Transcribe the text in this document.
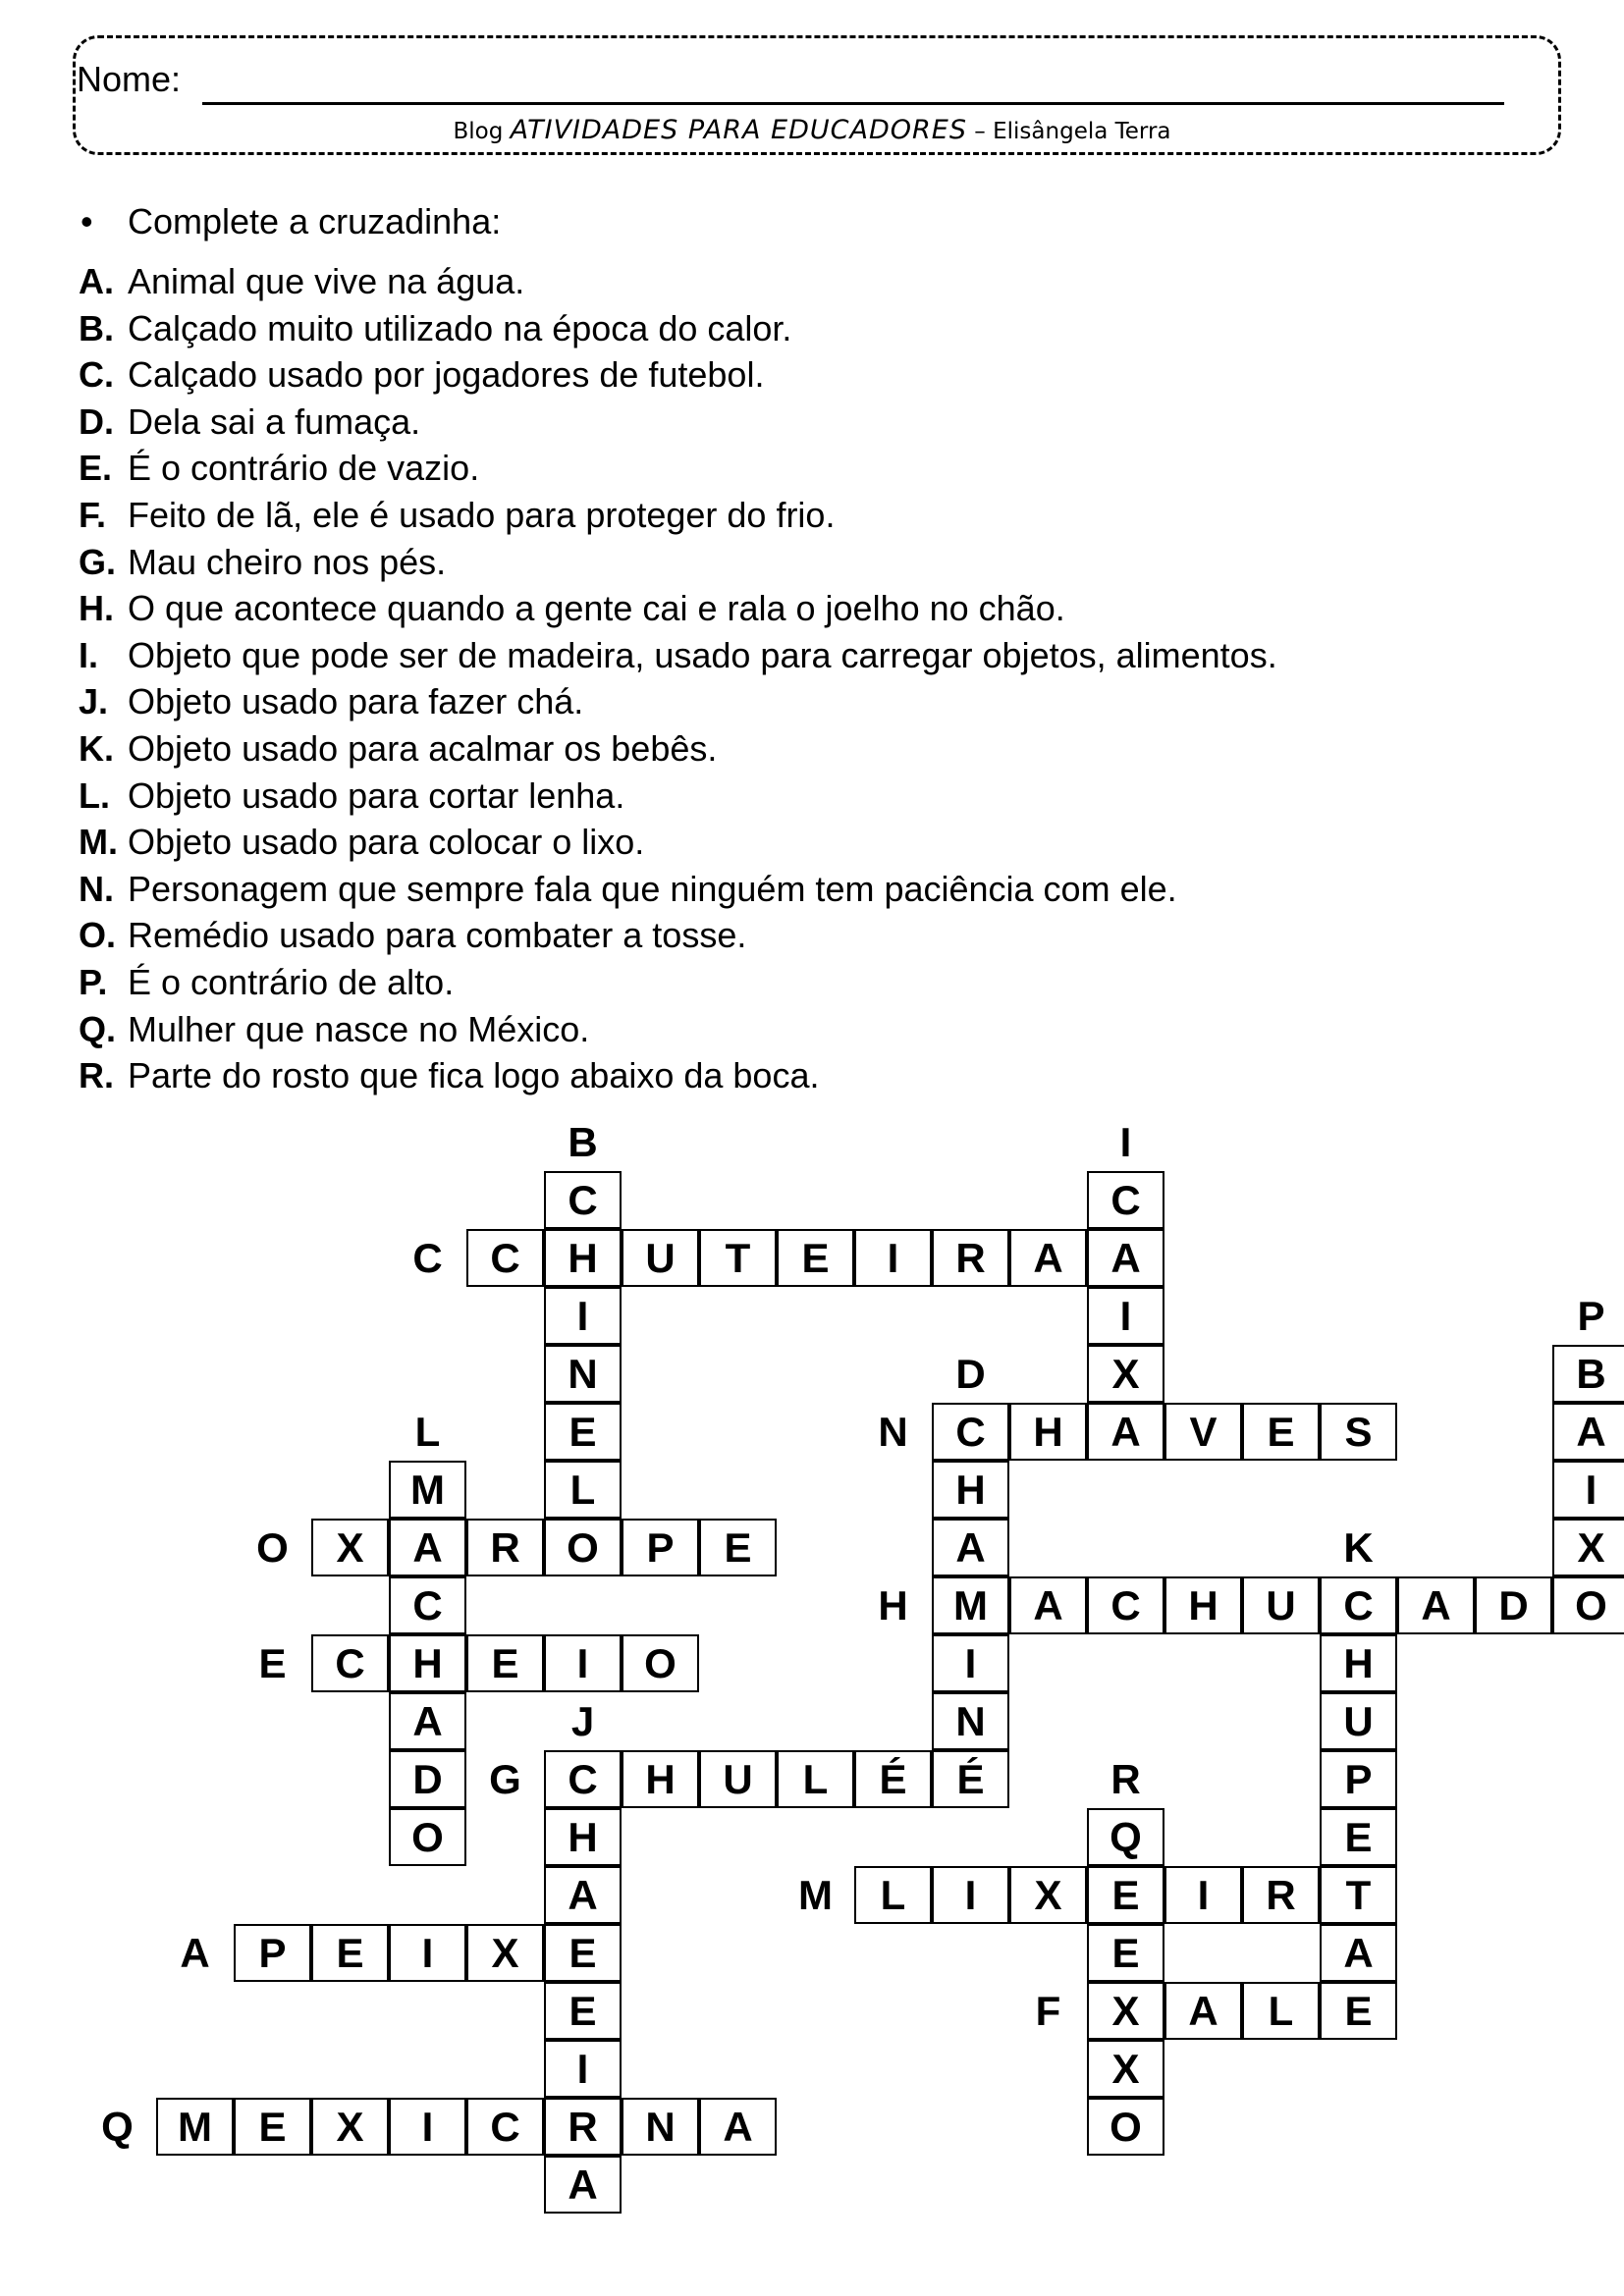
Nome:
Blog ATIVIDADES PARA EDUCADORES – Elisângela Terra
• Complete a cruzadinha:
A. Animal que vive na água.
B. Calçado muito utilizado na época do calor.
C. Calçado usado por jogadores de futebol.
D. Dela sai a fumaça.
E. É o contrário de vazio.
F. Feito de lã, ele é usado para proteger do frio.
G. Mau cheiro nos pés.
H. O que acontece quando a gente cai e rala o joelho no chão.
I. Objeto que pode ser de madeira, usado para carregar objetos, alimentos.
J. Objeto usado para fazer chá.
K. Objeto usado para acalmar os bebês.
L. Objeto usado para cortar lenha.
M. Objeto usado para colocar o lixo.
N. Personagem que sempre fala que ninguém tem paciência com ele.
O. Remédio usado para combater a tosse.
P. É o contrário de alto.
Q. Mulher que nasce no México.
R. Parte do rosto que fica logo abaixo da boca.
A	P	E	I	X	E
B
C
H
I
N
E
L
O
C	C	U	T	E	I	R	A
D
C
H
A
M
I
N
É
E	C	H	E	I	O
F	X	A	L	E
G	C	H	U	L	É
H	A	C	H	U	C	A	D	O
I
C
A
I
X
A
J
H
A
E
I
R
A
K
H
U
P
E
T
A
L
M
A
C
A
D
O
M	L	I	X	E	I	R
N	H	V	E	S
O	X	R	P	E
P
B
A
I
X
Q	M	E	X	I	C	N	A
R
Q
E
X
O
